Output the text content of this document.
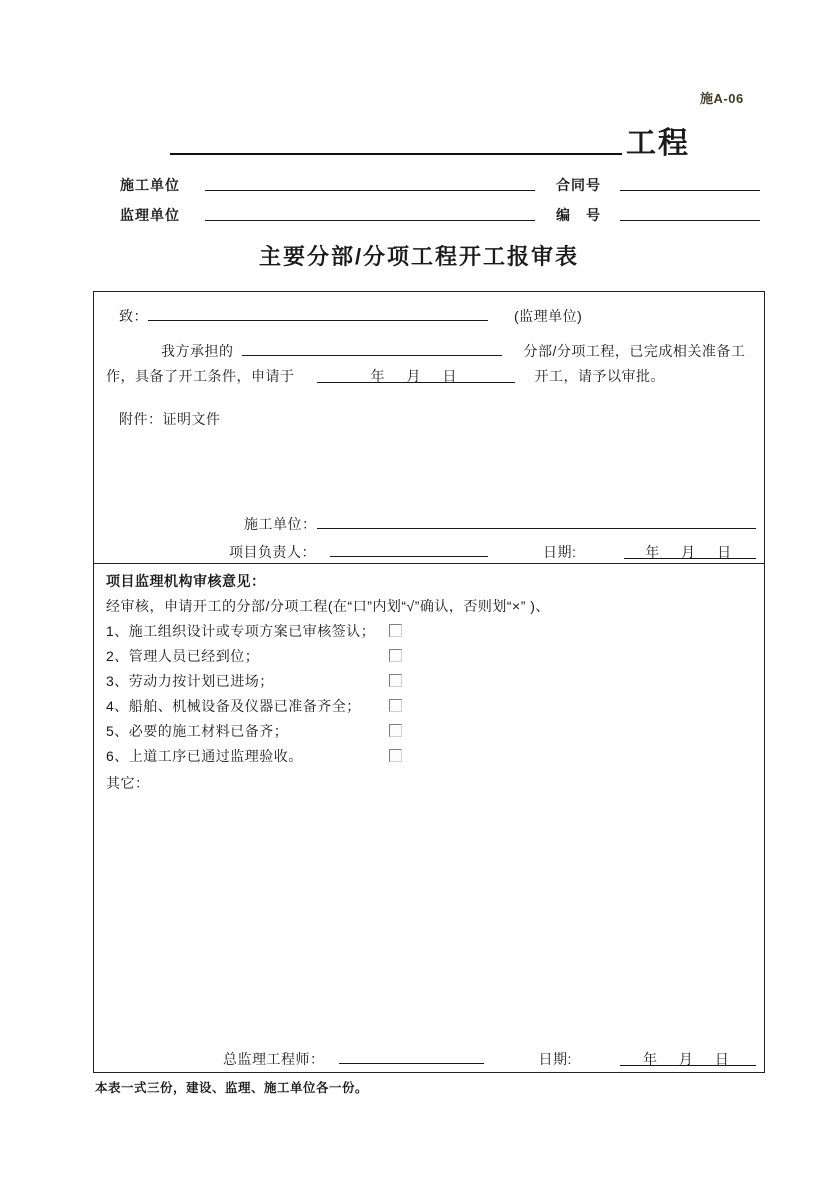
施A-06
工程
施工单位	合同号
监理单位	编　号
主要分部/分项工程开工报审表
致：	(监理单位)
我方承担的	分部/分项工程，已完成相关准备工
作，具备了开工条件，申请于	年　月　日	开工，请予以审批。
附件：证明文件
施工单位：
项目负责人：	日期:	年　月　日
项目监理机构审核意见：
经审核，申请开工的分部/分项工程(在“口”内划“√”确认，否则划“×” )、
1、施工组织设计或专项方案已审核签认；
2、管理人员已经到位；
3、劳动力按计划已进场；
4、船舶、机械设备及仪器已准备齐全；
5、必要的施工材料已备齐；
6、上道工序已通过监理验收。
其它：
总监理工程师：	日期:	年　月　日
本表一式三份，建设、监理、施工单位各一份。
